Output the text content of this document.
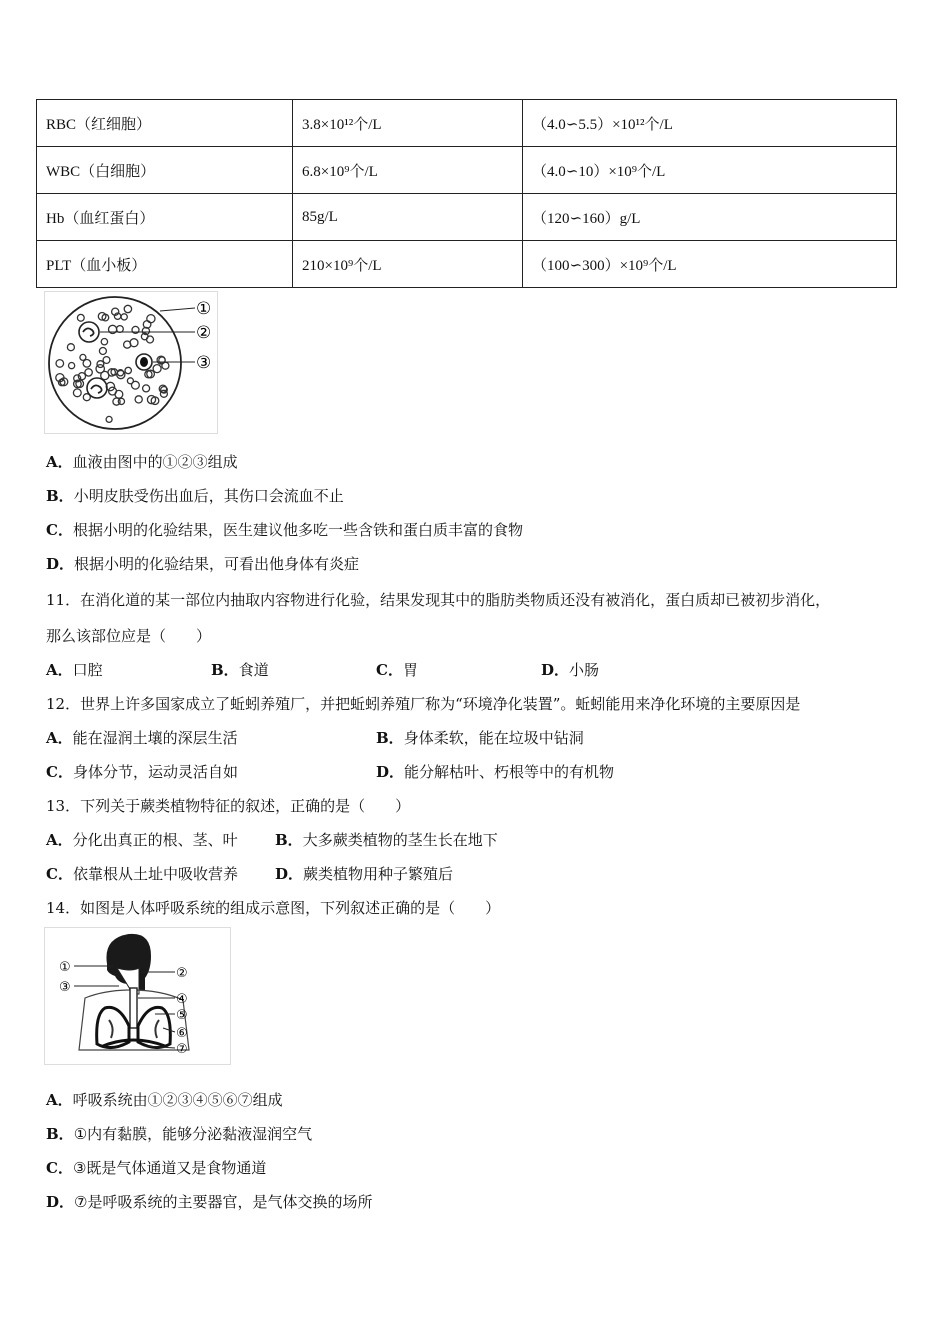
RBC（红细胞）	3.8×10¹²个/L	（4.0∽5.5）×10¹²个/L
WBC（白细胞）	6.8×10⁹个/L	（4.0∽10）×10⁹个/L
Hb（血红蛋白）	85g/L	（120∽160）g/L
PLT（血小板）	210×10⁹个/L	（100∽300）×10⁹个/L
①
②
③
A．血液由图中的①②③组成
B．小明皮肤受伤出血后，其伤口会流血不止
C．根据小明的化验结果，医生建议他多吃一些含铁和蛋白质丰富的食物
D．根据小明的化验结果，可看出他身体有炎症
11．在消化道的某一部位内抽取内容物进行化验，结果发现其中的脂肪类物质还没有被消化，蛋白质却已被初步消化，
那么该部位应是（　　）
A．口腔	B．食道	C．胃	D．小肠
12．世界上许多国家成立了蚯蚓养殖厂，并把蚯蚓养殖厂称为“环境净化装置”。蚯蚓能用来净化环境的主要原因是
A．能在湿润土壤的深层生活	B．身体柔软，能在垃圾中钻洞
C．身体分节，运动灵活自如	D．能分解枯叶、朽根等中的有机物
13．下列关于蕨类植物特征的叙述，正确的是（　　）
A．分化出真正的根、茎、叶 B．大多蕨类植物的茎生长在地下
C．依靠根从土址中吸收营养 D．蕨类植物用种子繁殖后
14．如图是人体呼吸系统的组成示意图，下列叙述正确的是（　　）
①	②
③
④
⑤
⑥
⑦
A．呼吸系统由①②③④⑤⑥⑦组成
B．①内有黏膜，能够分泌黏液湿润空气
C．③既是气体通道又是食物通道
D．⑦是呼吸系统的主要器官，是气体交换的场所
